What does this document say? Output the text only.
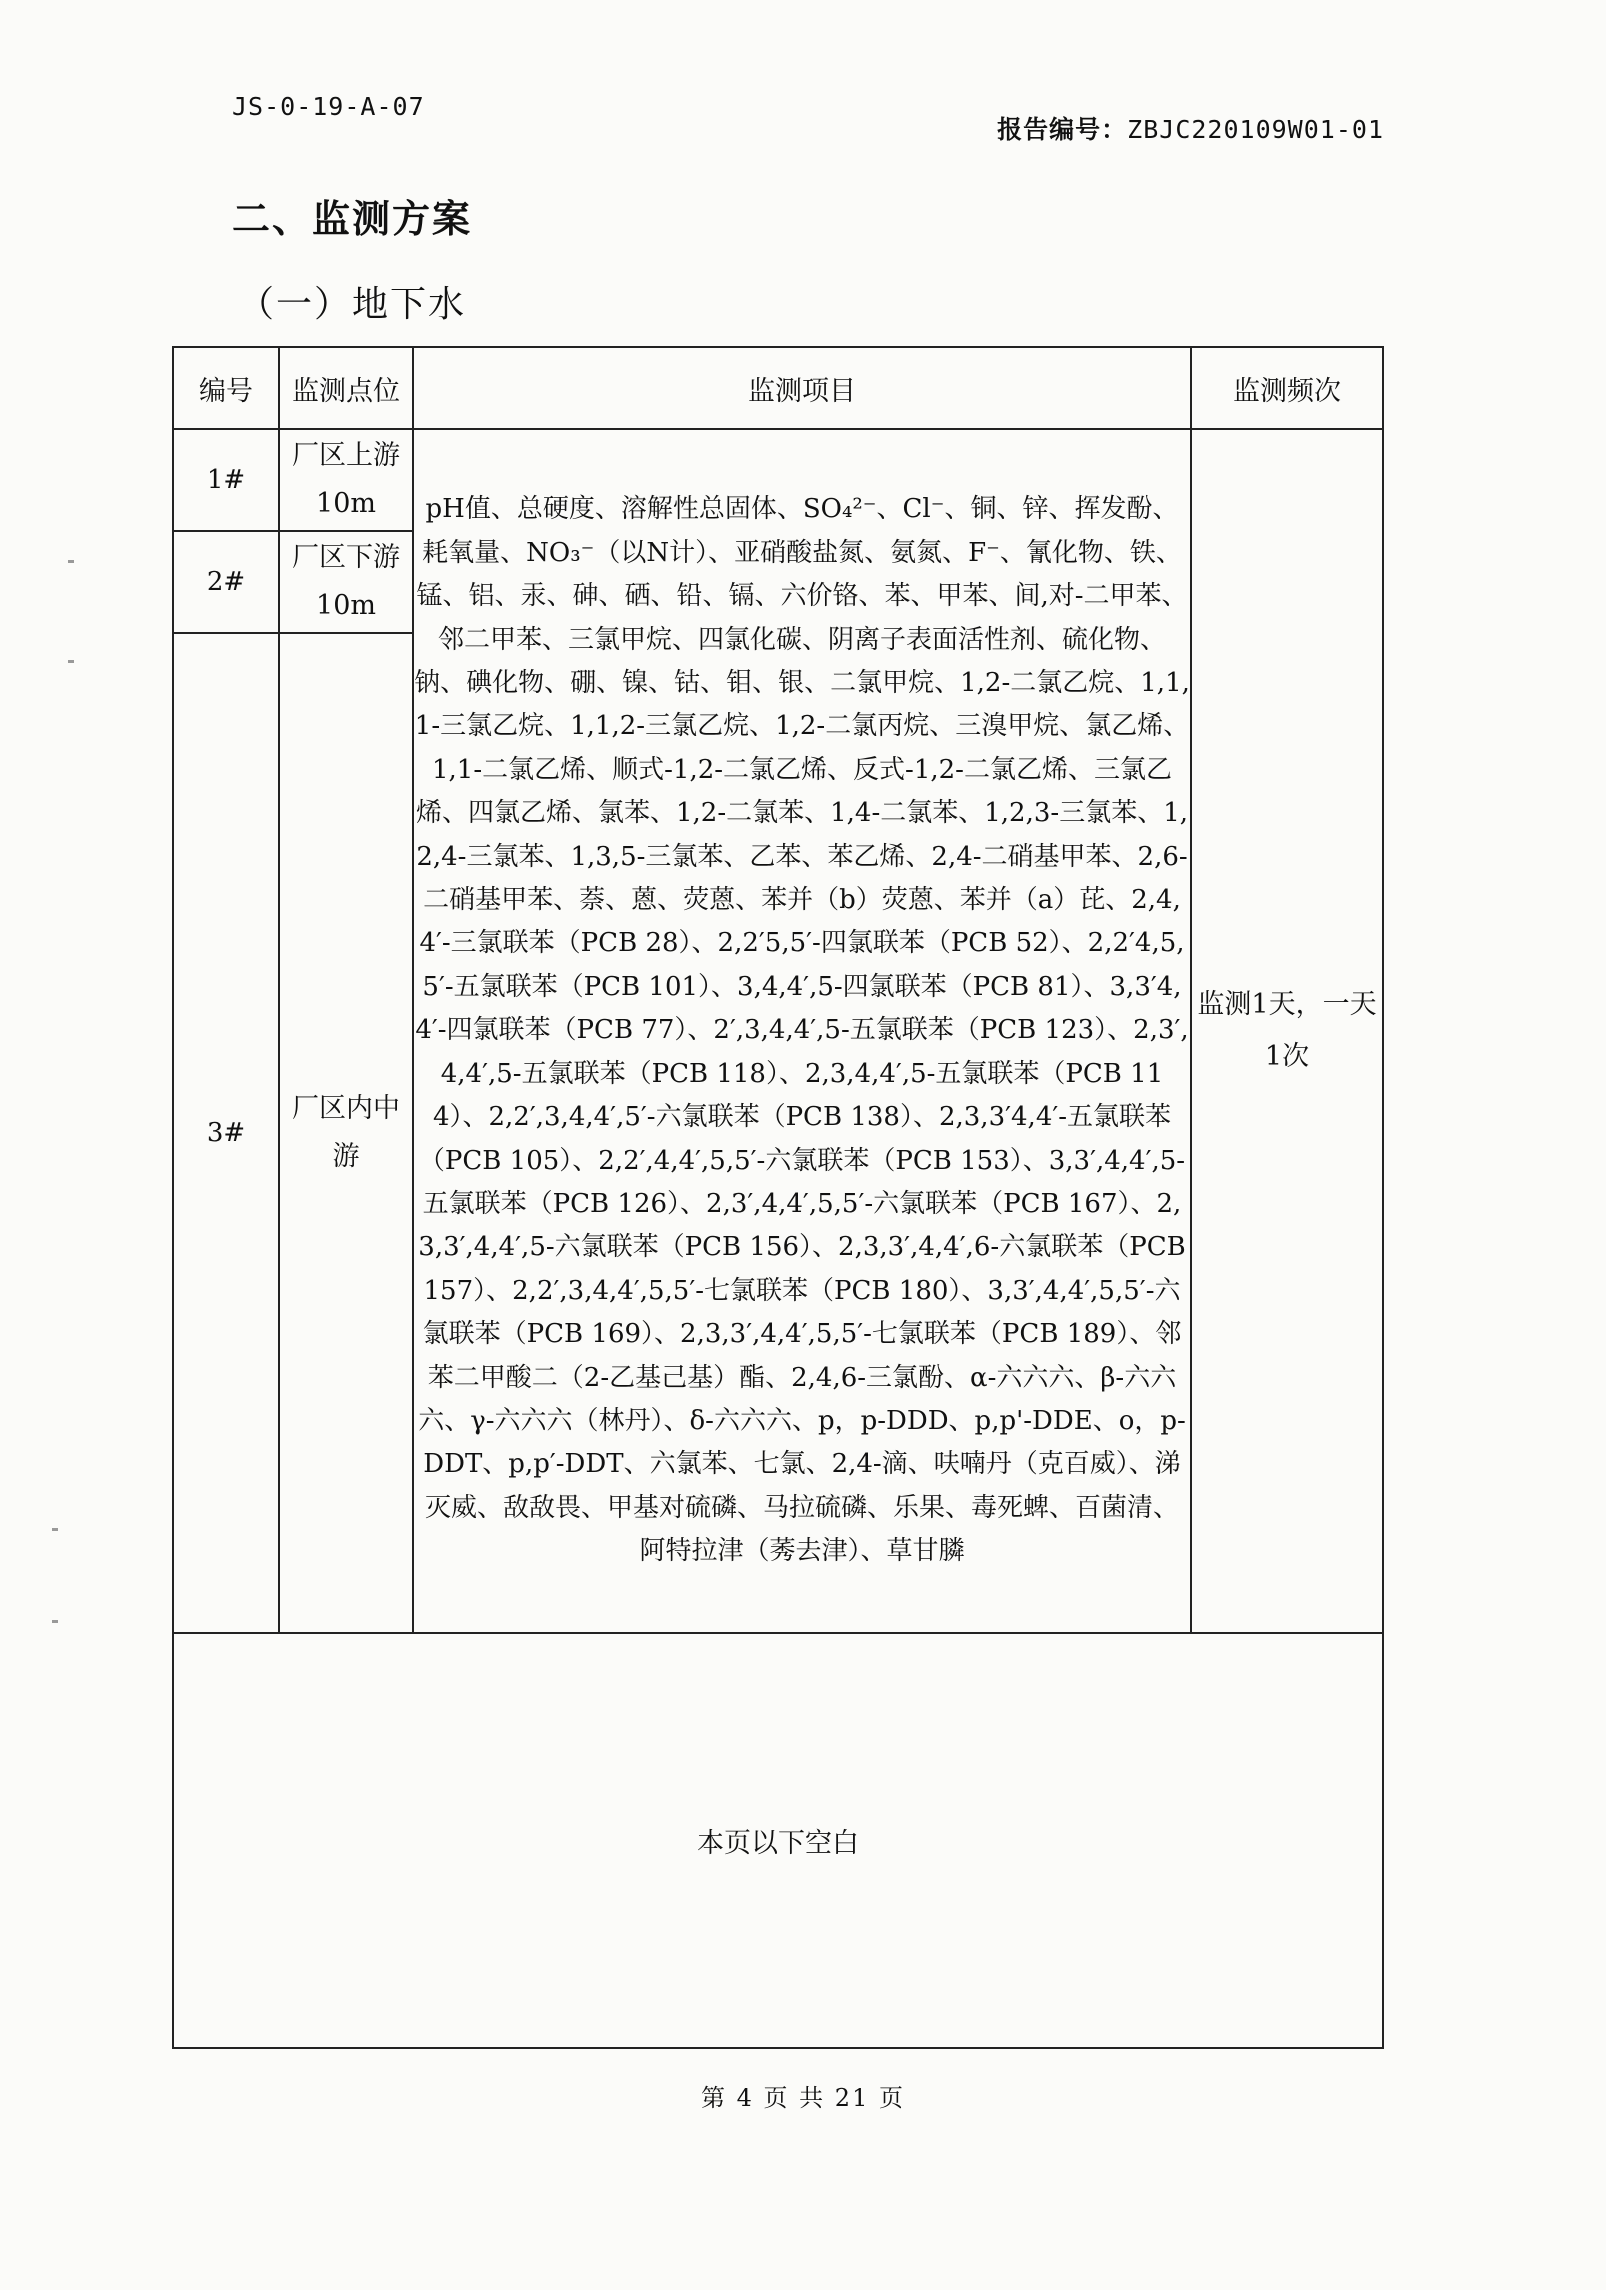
JS-0-19-A-07
报告编号：ZBJC220109W01-01
二、监测方案
（一）地下水
编号	监测点位	监测项目	监测频次
1#	厂区上游10m	pH值、总硬度、溶解性总固体、SO₄²⁻、Cl⁻、铜、锌、挥发酚、耗氧量、NO₃⁻（以N计）、亚硝酸盐氮、氨氮、F⁻、氰化物、铁、锰、铝、汞、砷、硒、铅、镉、六价铬、苯、甲苯、间,对-二甲苯、邻二甲苯、三氯甲烷、四氯化碳、阴离子表面活性剂、硫化物、钠、碘化物、硼、镍、钴、钼、银、二氯甲烷、1,2-二氯乙烷、1,1,1-三氯乙烷、1,1,2-三氯乙烷、1,2-二氯丙烷、三溴甲烷、氯乙烯、1,1-二氯乙烯、顺式-1,2-二氯乙烯、反式-1,2-二氯乙烯、三氯乙烯、四氯乙烯、氯苯、1,2-二氯苯、1,4-二氯苯、1,2,3-三氯苯、1,2,4-三氯苯、1,3,5-三氯苯、乙苯、苯乙烯、2,4-二硝基甲苯、2,6-二硝基甲苯、萘、蒽、荧蒽、苯并（b）荧蒽、苯并（a）芘、2,4,4′-三氯联苯（PCB 28）、2,2′5,5′-四氯联苯（PCB 52）、2,2′4,5,5′-五氯联苯（PCB 101）、3,4,4′,5-四氯联苯（PCB 81）、3,3′4,4′-四氯联苯（PCB 77）、2′,3,4,4′,5-五氯联苯（PCB 123）、2,3′,4,4′,5-五氯联苯（PCB 118）、2,3,4,4′,5-五氯联苯（PCB 114）、2,2′,3,4,4′,5′-六氯联苯（PCB 138）、2,3,3′4,4′-五氯联苯（PCB 105）、2,2′,4,4′,5,5′-六氯联苯（PCB 153）、3,3′,4,4′,5-五氯联苯（PCB 126）、2,3′,4,4′,5,5′-六氯联苯（PCB 167）、2,3,3′,4,4′,5-六氯联苯（PCB 156）、2,3,3′,4,4′,6-六氯联苯（PCB 157）、2,2′,3,4,4′,5,5′-七氯联苯（PCB 180）、3,3′,4,4′,5,5′-六氯联苯（PCB 169）、2,3,3′,4,4′,5,5′-七氯联苯（PCB 189）、邻苯二甲酸二（2-乙基己基）酯、2,4,6-三氯酚、α-六六六、β-六六六、γ-六六六（林丹）、δ-六六六、p，p-DDD、p,p'-DDE、o，p-DDT、p,p′-DDT、六氯苯、七氯、2,4-滴、呋喃丹（克百威）、涕灭威、敌敌畏、甲基对硫磷、马拉硫磷、乐果、毒死蜱、百菌清、阿特拉津（莠去津）、草甘膦	监测1天，一天1次
2#	厂区下游10m		
3#	厂区内中游		
本页以下空白			
第 4 页 共 21 页
